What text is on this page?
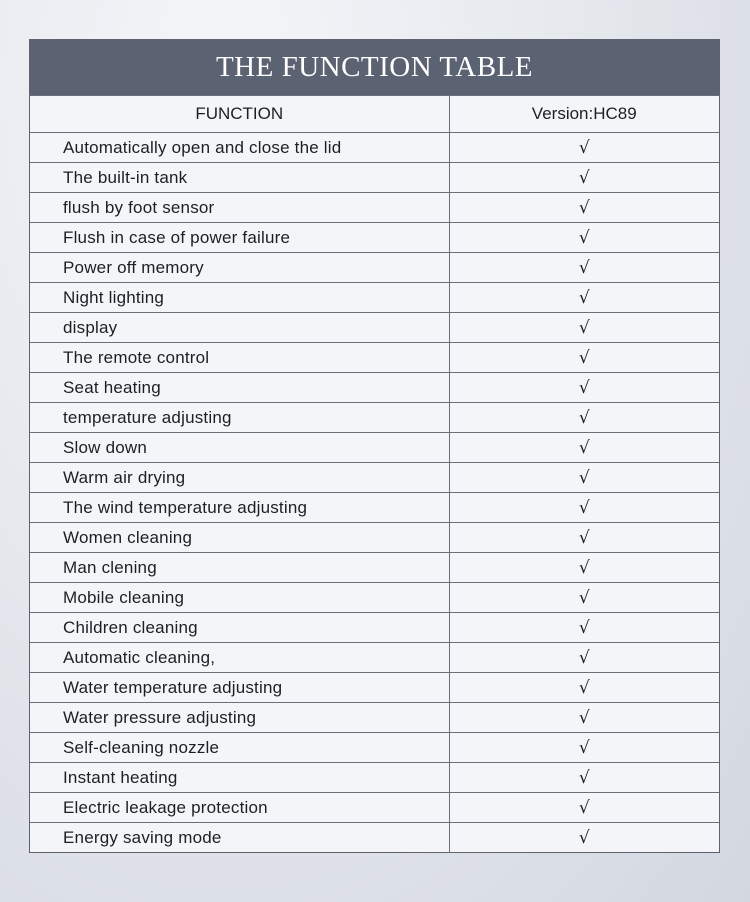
THE FUNCTION TABLE
FUNCTION	Version:HC89
Automatically open and close the lid	√
The built-in tank	√
flush by foot sensor	√
Flush in case of power failure	√
Power off memory	√
Night lighting	√
display	√
The remote control	√
Seat heating	√
temperature adjusting	√
Slow down	√
Warm air drying	√
The wind temperature adjusting	√
Women cleaning	√
Man clening	√
Mobile cleaning	√
Children cleaning	√
Automatic cleaning,	√
Water temperature adjusting	√
Water pressure adjusting	√
Self-cleaning nozzle	√
Instant heating	√
Electric leakage protection	√
Energy saving mode	√
